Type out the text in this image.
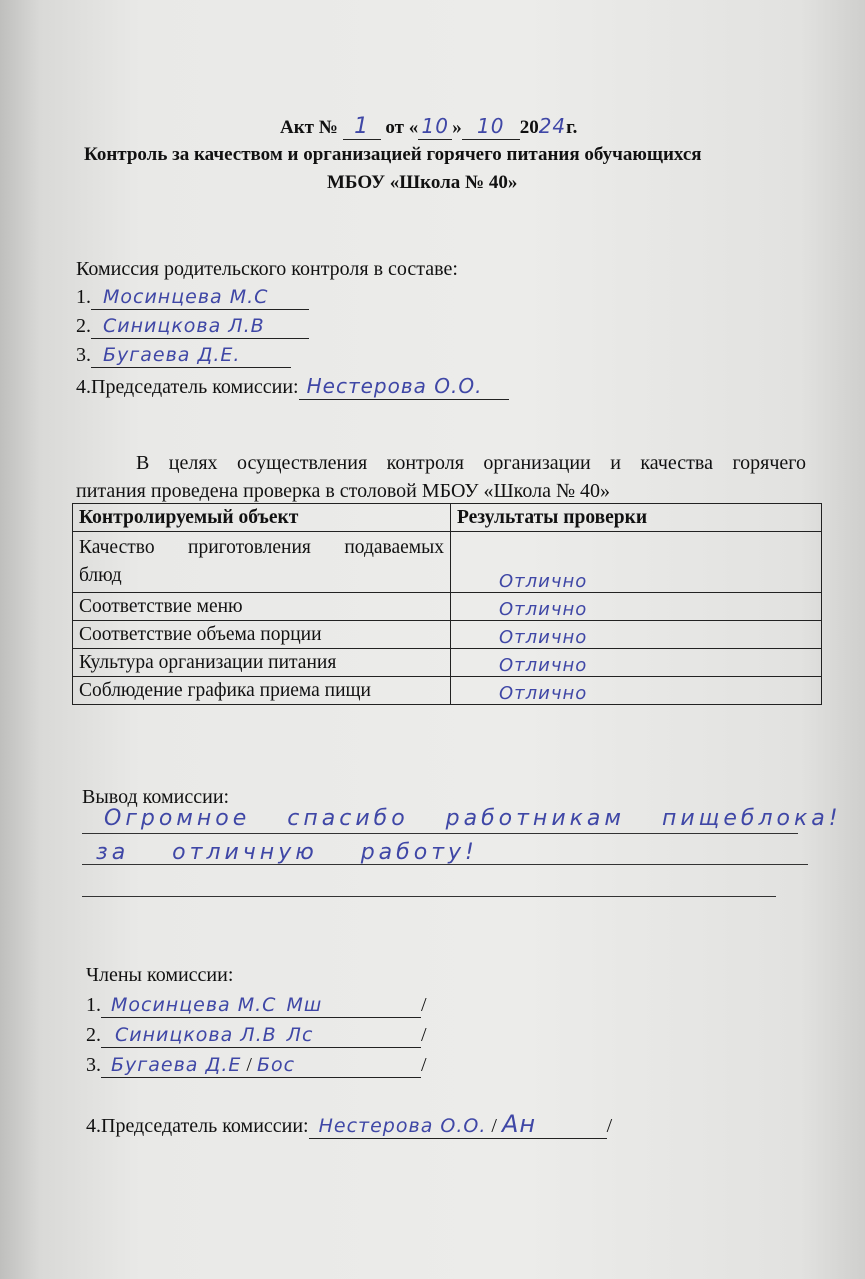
Акт № 1 от « 10 » 10 2024г.
Контроль за качеством и организацией горячего питания обучающихся
МБОУ «Школа № 40»
Комиссия родительского контроля в составе:
1. Мосинцева М.С
2. Синицкова Л.В
3. Бугаева Д.Е.
4.Председатель комиссии: Нестерова О.О.
В целях осуществления контроля организации и качества горячего
питания проведена проверка в столовой МБОУ «Школа № 40»
Контролируемый объект	Результаты проверки

Качество приготовления подаваемых
блюд	Отлично

Соответствие меню	Отлично

Соответствие объема порции	Отлично

Культура организации питания	Отлично

Соблюдение графика приема пищи	Отлично
Вывод комиссии:
Огромное спасибо работникам пищеблока!
за отличную работу!
Члены комиссии:
1. Мосинцева М.С Мш	/
2. Синицкова Л.В Лс	/
3. Бугаева Д.Е / Бос	/
4.Председатель комиссии: Нестерова О.О. / Ан	/
